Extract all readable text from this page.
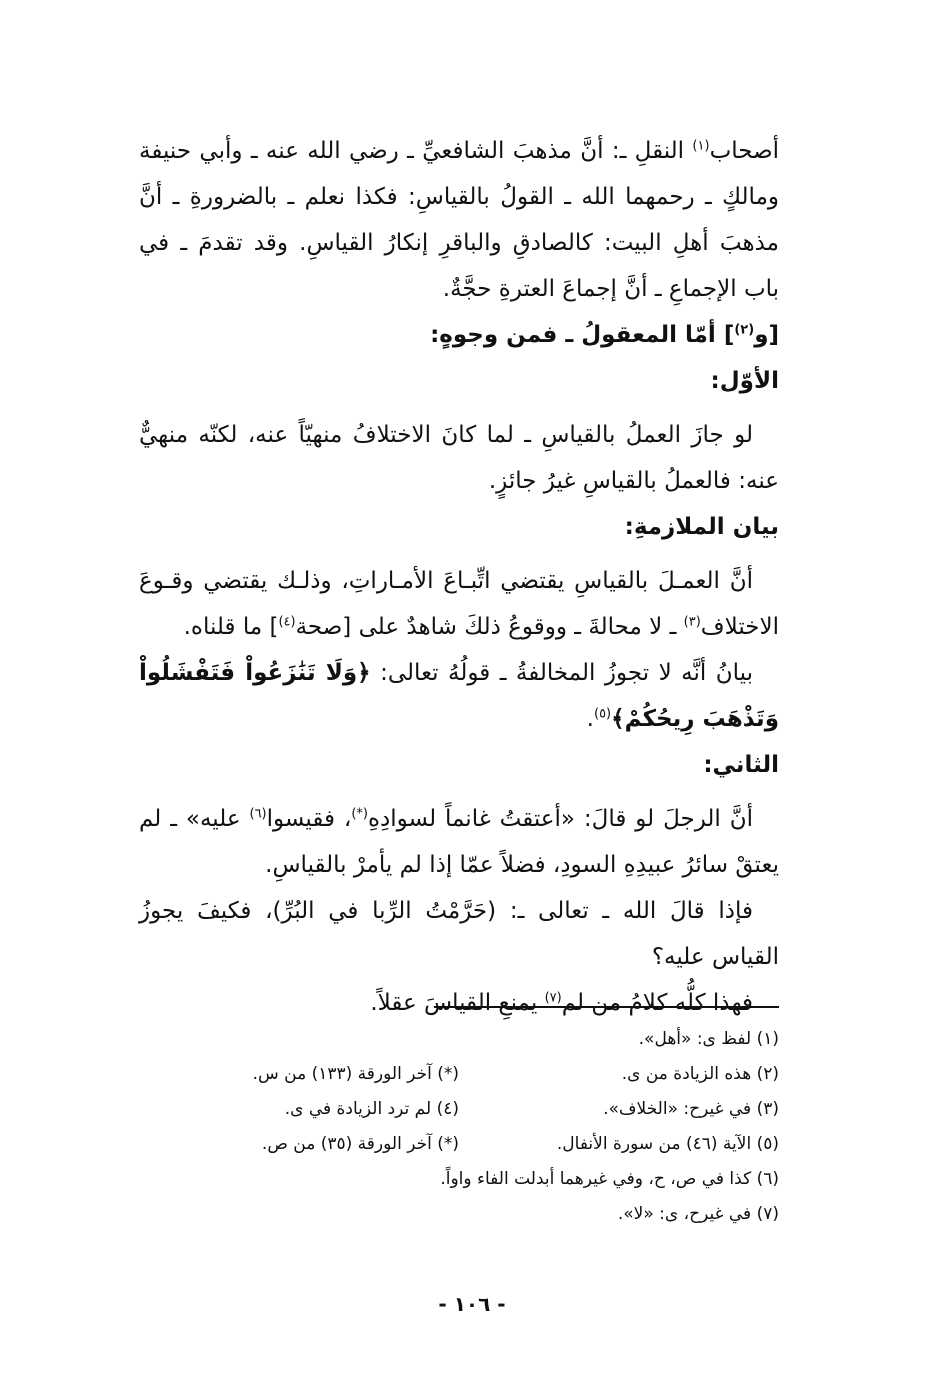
أصحاب$^{(١)}$ النقلِ ـ: أنَّ مذهبَ الشافعيِّ ـ رضي الله عنه ـ وأبي حنيفة ومالكٍ ـ رحمهما الله ـ القولُ بالقياسِ: فكذا نعلم ـ بالضرورةِ ـ أنَّ مذهبَ أهلِ البيت: كالصادقِ والباقرِ إنكارُ القياسِ. وقد تقدمَ ـ في باب الإجماعِ ـ أنَّ إجماعَ العترةِ حجَّةٌ.

[و$^{(٢)}$] أمّا المعقولُ ـ فمن وجوهٍ:

الأوّل:

لو جازَ العملُ بالقياسِ ـ لما كانَ الاختلافُ منهيّاً عنه، لكنّه منهيٌّ عنه: فالعملُ بالقياسِ غيرُ جائزٍ.

بيان الملازمةِ:

أنَّ العمـلَ بالقياسِ يقتضي اتِّبـاعَ الأمـاراتِ، وذلـك يقتضي وقـوعَ الاختلاف$^{(٣)}$ ـ لا محالةَ ـ ووقوعُ ذلكَ شاهدٌ على [صحة$^{(٤)}$] ما قلناه.

بيانُ أنَّه لا تجوزُ المخالفةُ ـ قولُهُ تعالى: ﴿وَلَا تَنَٰزَعُواْ فَتَفْشَلُواْ وَتَذْهَبَ رِيحُكُمْ﴾$^{(٥)}$.

الثاني:

أنَّ الرجلَ لو قالَ: «أعتقتُ غانماً لسوادِهِ(*)، فقيسوا$^{(٦)}$ عليه» ـ لم يعتقْ سائرُ عبيدِهِ السودِ، فضلاً عمّا إذا لم يأمرْ بالقياسِ.

فإذا قالَ الله ـ تعالى ـ: (حَرَّمْتُ الرِّبا في البُرِّ)، فكيفَ يجوزُ القياس عليه؟

فهذا كلُّه كلامُ من لم$^{(٧)}$ يمنعِ القياسَ عقلاً.

(١) لفظ ى: «أهل».
(٢) هذه الزيادة من ى.
(*) آخر الورقة (١٣٣) من س.
(٣) في غيرح: «الخلاف».
(٤) لم ترد الزيادة في ى.
(٥) الآية (٤٦) من سورة الأنفال.
(*) آخر الورقة (٣٥) من ص.
(٦) كذا في ص، ح، وفي غيرهما أبدلت الفاء واواً.
(٧) في غيرح، ى: «لا».
- ١٠٦ -
